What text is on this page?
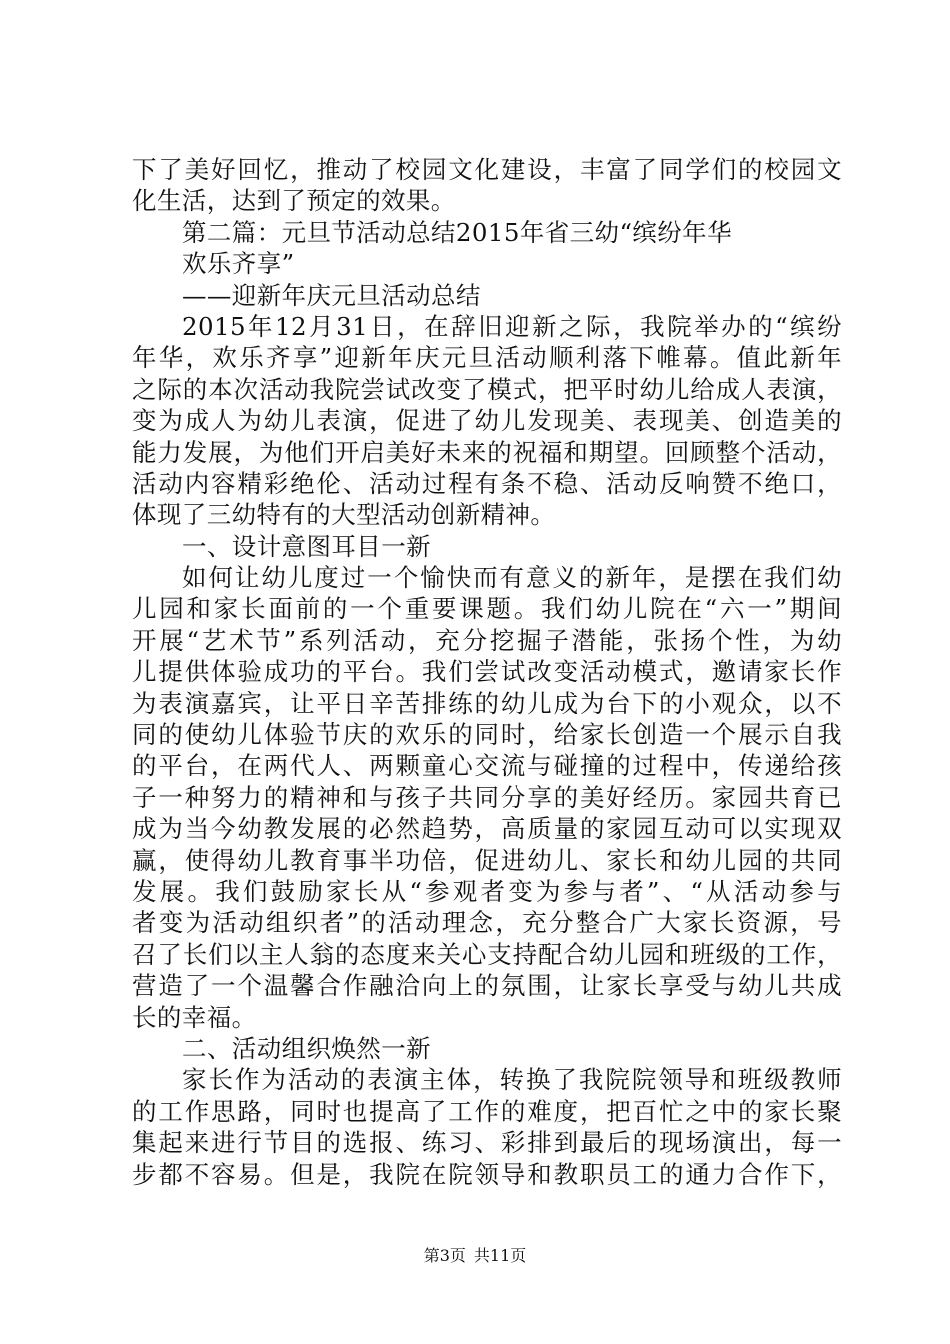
下了美好回忆，推动了校园文化建设，丰富了同学们的校园文
化生活，达到了预定的效果。
第二篇：元旦节活动总结2015年省三幼“缤纷年华
欢乐齐享”
——迎新年庆元旦活动总结
2015年12月31日，在辞旧迎新之际，我院举办的“缤纷
年华，欢乐齐享”迎新年庆元旦活动顺利落下帷幕。值此新年
之际的本次活动我院尝试改变了模式，把平时幼儿给成人表演，
变为成人为幼儿表演，促进了幼儿发现美、表现美、创造美的
能力发展，为他们开启美好未来的祝福和期望。回顾整个活动，
活动内容精彩绝伦、活动过程有条不稳、活动反响赞不绝口，
体现了三幼特有的大型活动创新精神。
一、设计意图耳目一新
如何让幼儿度过一个愉快而有意义的新年，是摆在我们幼
儿园和家长面前的一个重要课题。我们幼儿院在“六一”期间
开展“艺术节”系列活动，充分挖掘子潜能，张扬个性，为幼
儿提供体验成功的平台。我们尝试改变活动模式，邀请家长作
为表演嘉宾，让平日辛苦排练的幼儿成为台下的小观众，以不
同的使幼儿体验节庆的欢乐的同时，给家长创造一个展示自我
的平台，在两代人、两颗童心交流与碰撞的过程中，传递给孩
子一种努力的精神和与孩子共同分享的美好经历。家园共育已
成为当今幼教发展的必然趋势，高质量的家园互动可以实现双
赢，使得幼儿教育事半功倍，促进幼儿、家长和幼儿园的共同
发展。我们鼓励家长从“参观者变为参与者”、“从活动参与
者变为活动组织者”的活动理念，充分整合广大家长资源，号
召了长们以主人翁的态度来关心支持配合幼儿园和班级的工作，
营造了一个温馨合作融洽向上的氛围，让家长享受与幼儿共成
长的幸福。
二、活动组织焕然一新
家长作为活动的表演主体，转换了我院院领导和班级教师
的工作思路，同时也提高了工作的难度，把百忙之中的家长聚
集起来进行节目的选报、练习、彩排到最后的现场演出，每一
步都不容易。但是，我院在院领导和教职员工的通力合作下，
第3页 共11页
